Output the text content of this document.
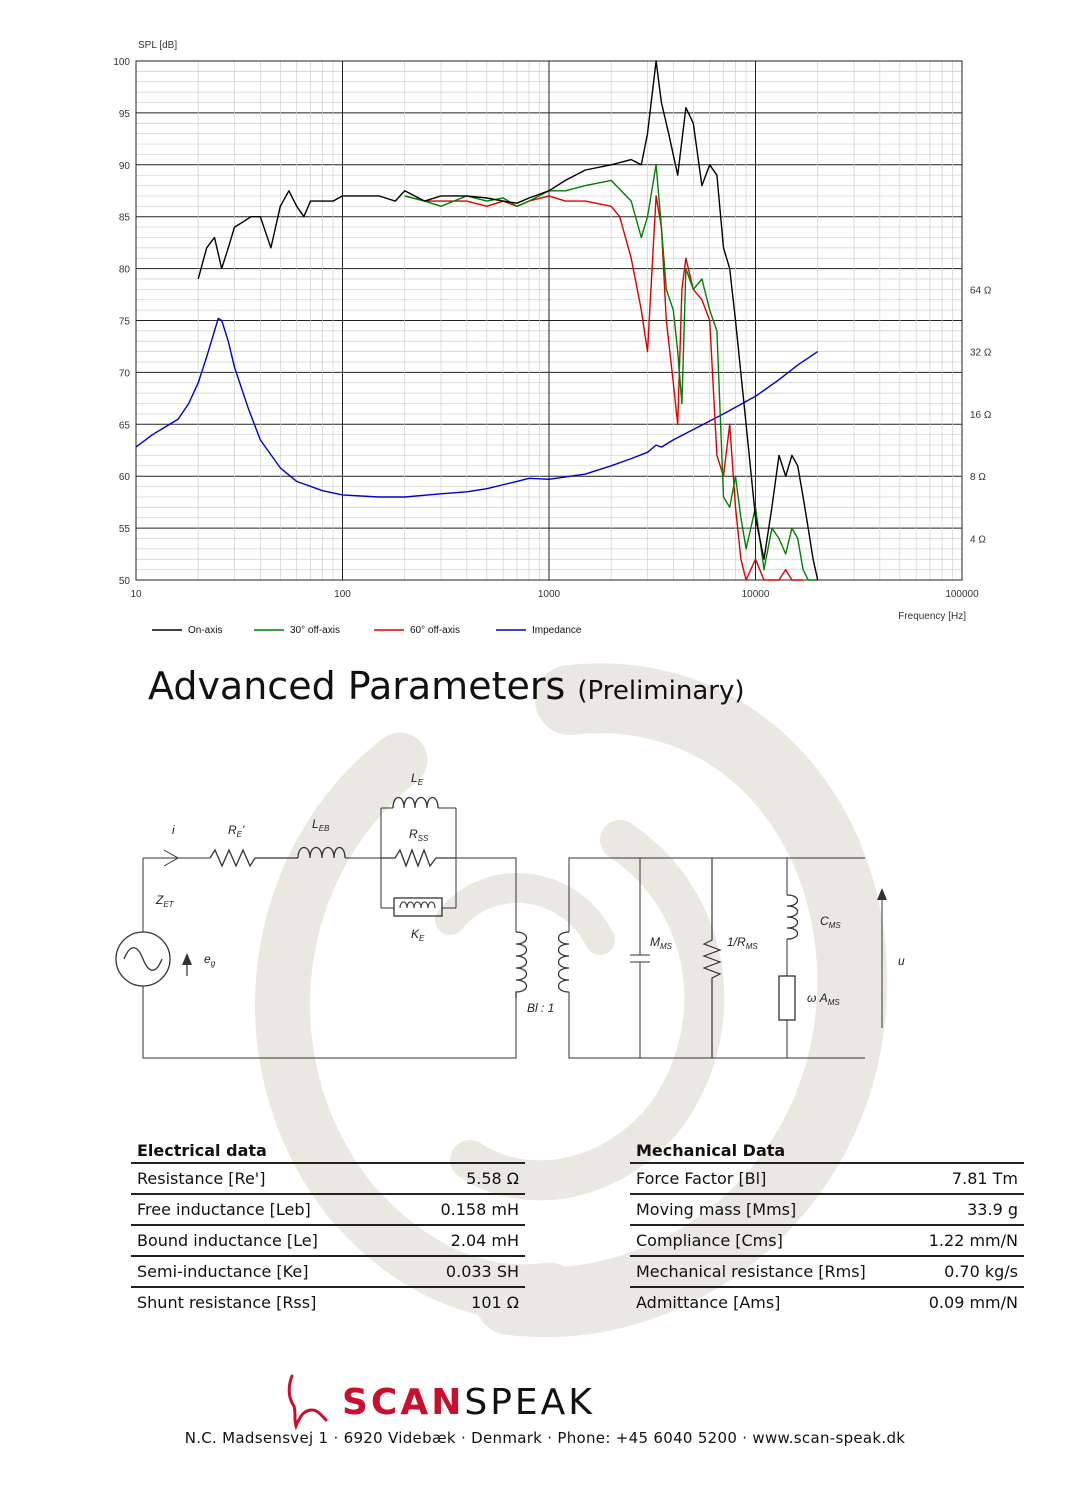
50
55
60
65
70
75
80
85
90
95
100
10	100	1000	10000	100000
64 Ω
32 Ω
16 Ω
8 Ω
4 Ω
SPL [dB]
Frequency [Hz]
On-axis	30° off-axis	60° off-axis	Impedance
Advanced Parameters (Preliminary)
i	$R_E'$	$L_{EB}$
$L_E$
$R_{SS}$
$K_E$
$Z_{ET}$
$e_g$
Bl : 1
$M_{MS}$	$1/R_{MS}$
$C_{MS}$
ω $A_{MS}$
u
Electrical data
Resistance [Re']	5.58 Ω
Free inductance [Leb]	0.158 mH
Bound inductance [Le]	2.04 mH
Semi-inductance [Ke]	0.033 SH
Shunt resistance [Rss]	101 Ω
Mechanical Data
Force Factor [Bl]	7.81 Tm
Moving mass [Mms]	33.9 g
Compliance [Cms]	1.22 mm/N
Mechanical resistance [Rms]	0.70 kg/s
Admittance [Ams]	0.09 mm/N
SCANSPEAK
N.C. Madsensvej 1 · 6920 Videbæk · Denmark · Phone: +45 6040 5200 · www.scan-speak.dk
